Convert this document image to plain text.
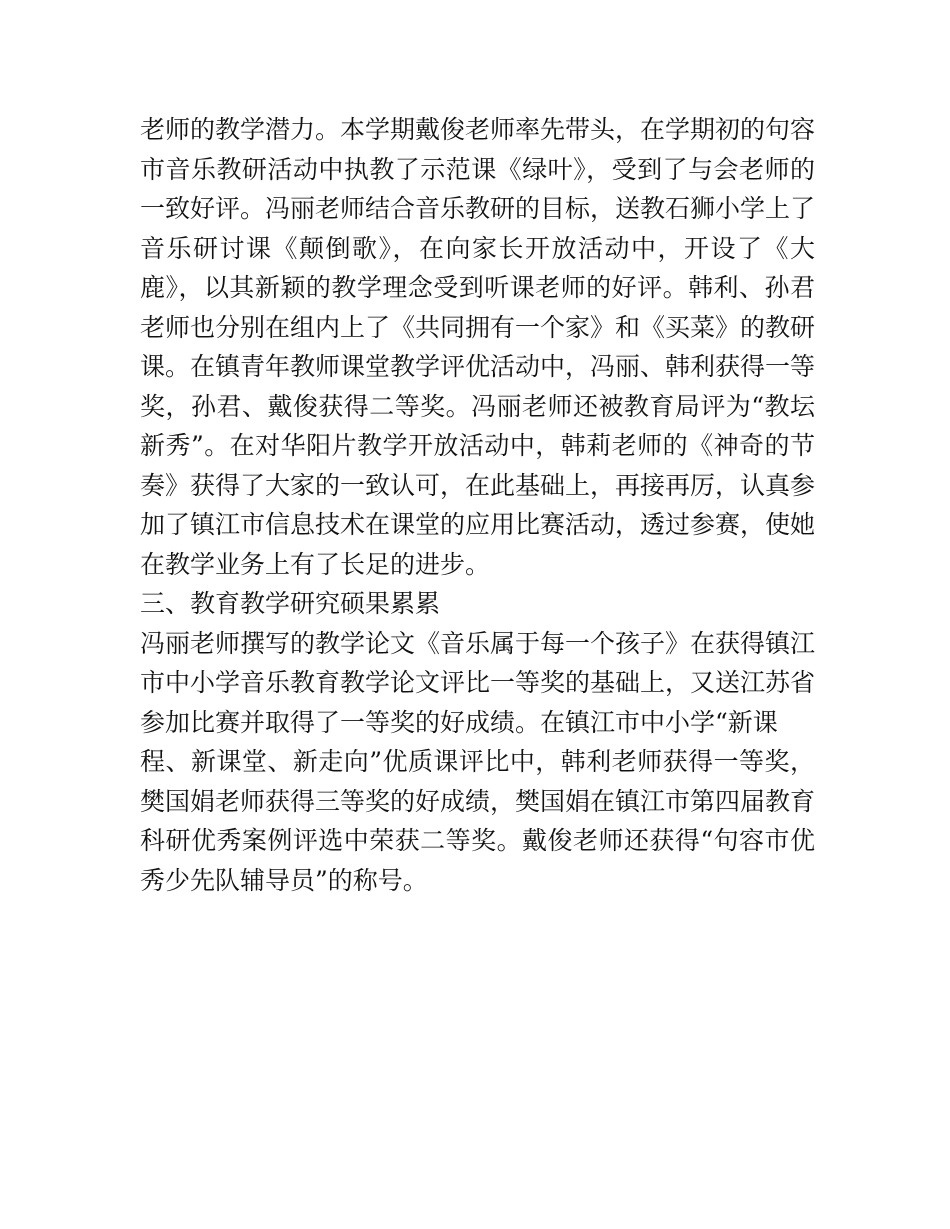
老师的教学潜力。本学期戴俊老师率先带头，在学期初的句容
市音乐教研活动中执教了示范课《绿叶》，受到了与会老师的
一致好评。冯丽老师结合音乐教研的目标，送教石狮小学上了
音乐研讨课《颠倒歌》，在向家长开放活动中，开设了《大
鹿》，以其新颖的教学理念受到听课老师的好评。韩利、孙君
老师也分别在组内上了《共同拥有一个家》和《买菜》的教研
课。在镇青年教师课堂教学评优活动中，冯丽、韩利获得一等
奖，孙君、戴俊获得二等奖。冯丽老师还被教育局评为“教坛
新秀”。在对华阳片教学开放活动中，韩莉老师的《神奇的节
奏》获得了大家的一致认可，在此基础上，再接再厉，认真参
加了镇江市信息技术在课堂的应用比赛活动，透过参赛，使她
在教学业务上有了长足的进步。
三、教育教学研究硕果累累
冯丽老师撰写的教学论文《音乐属于每一个孩子》在获得镇江
市中小学音乐教育教学论文评比一等奖的基础上，又送江苏省
参加比赛并取得了一等奖的好成绩。在镇江市中小学“新课
程、新课堂、新走向”优质课评比中，韩利老师获得一等奖，
樊国娟老师获得三等奖的好成绩，樊国娟在镇江市第四届教育
科研优秀案例评选中荣获二等奖。戴俊老师还获得“句容市优
秀少先队辅导员”的称号。
